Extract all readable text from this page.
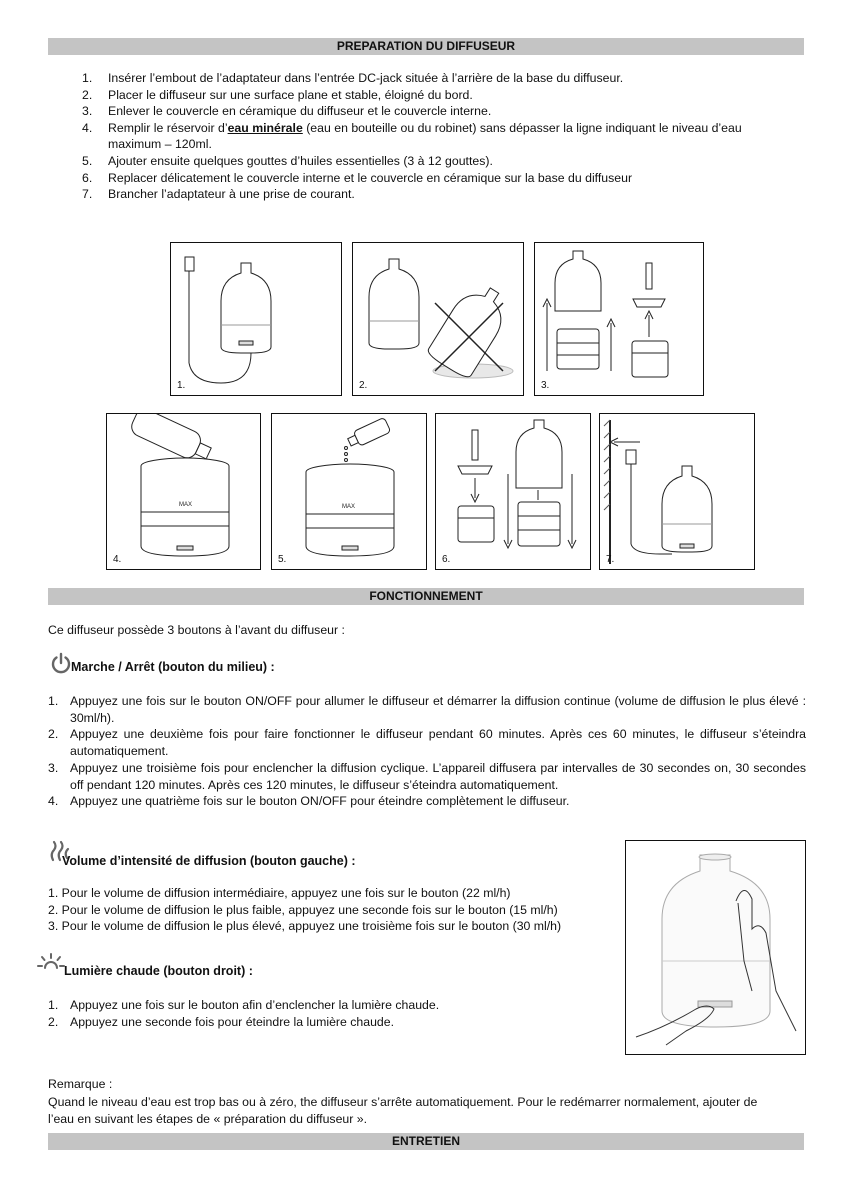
PREPARATION DU DIFFUSEUR
1. Insérer l’embout de l’adaptateur dans l’entrée DC-jack située à l’arrière de la base du diffuseur.
2. Placer le diffuseur sur une surface plane et stable, éloigné du bord.
3. Enlever le couvercle en céramique du diffuseur et le couvercle interne.
4. Remplir le réservoir d’eau minérale (eau en bouteille ou du robinet) sans dépasser la ligne indiquant le niveau d’eau maximum – 120ml.
5. Ajouter ensuite quelques gouttes d’huiles essentielles (3 à 12 gouttes).
6. Replacer délicatement le couvercle interne et le couvercle en céramique sur la base du diffuseur
7. Brancher l’adaptateur à une prise de courant.
1.	2.	3.
MAX
4.
MAX
5.	6.	7.
FONCTIONNEMENT
Ce diffuseur possède 3 boutons à l’avant du diffuseur :
Marche / Arrêt (bouton du milieu) :
1. Appuyez une fois sur le bouton ON/OFF pour allumer le diffuseur et démarrer la diffusion continue (volume de diffusion le plus élevé : 30ml/h).
2. Appuyez une deuxième fois pour faire fonctionner le diffuseur pendant 60 minutes. Après ces 60 minutes, le diffuseur s’éteindra automatiquement.
3. Appuyez une troisième fois pour enclencher la diffusion cyclique. L’appareil diffusera par intervalles de 30 secondes on, 30 secondes off pendant 120 minutes. Après ces 120 minutes, le diffuseur s’éteindra automatiquement.
4. Appuyez une quatrième fois sur le bouton ON/OFF pour éteindre complètement le diffuseur.
Volume d’intensité de diffusion (bouton gauche) :

1. Pour le volume de diffusion intermédiaire, appuyez une fois sur le bouton (22 ml/h)

2. Pour le volume de diffusion le plus faible, appuyez une seconde fois sur le bouton (15 ml/h)

3. Pour le volume de diffusion le plus élevé, appuyez une troisième fois sur le bouton (30 ml/h)

Lumière chaude (bouton droit) :
1. Appuyez une fois sur le bouton afin d’enclencher la lumière chaude.
2. Appuyez une seconde fois pour éteindre la lumière chaude.
Remarque :
Quand le niveau d’eau est trop bas ou à zéro, the diffuseur s’arrête automatiquement. Pour le redémarrer normalement, ajouter de l’eau en suivant les étapes de « préparation du diffuseur ».
ENTRETIEN
